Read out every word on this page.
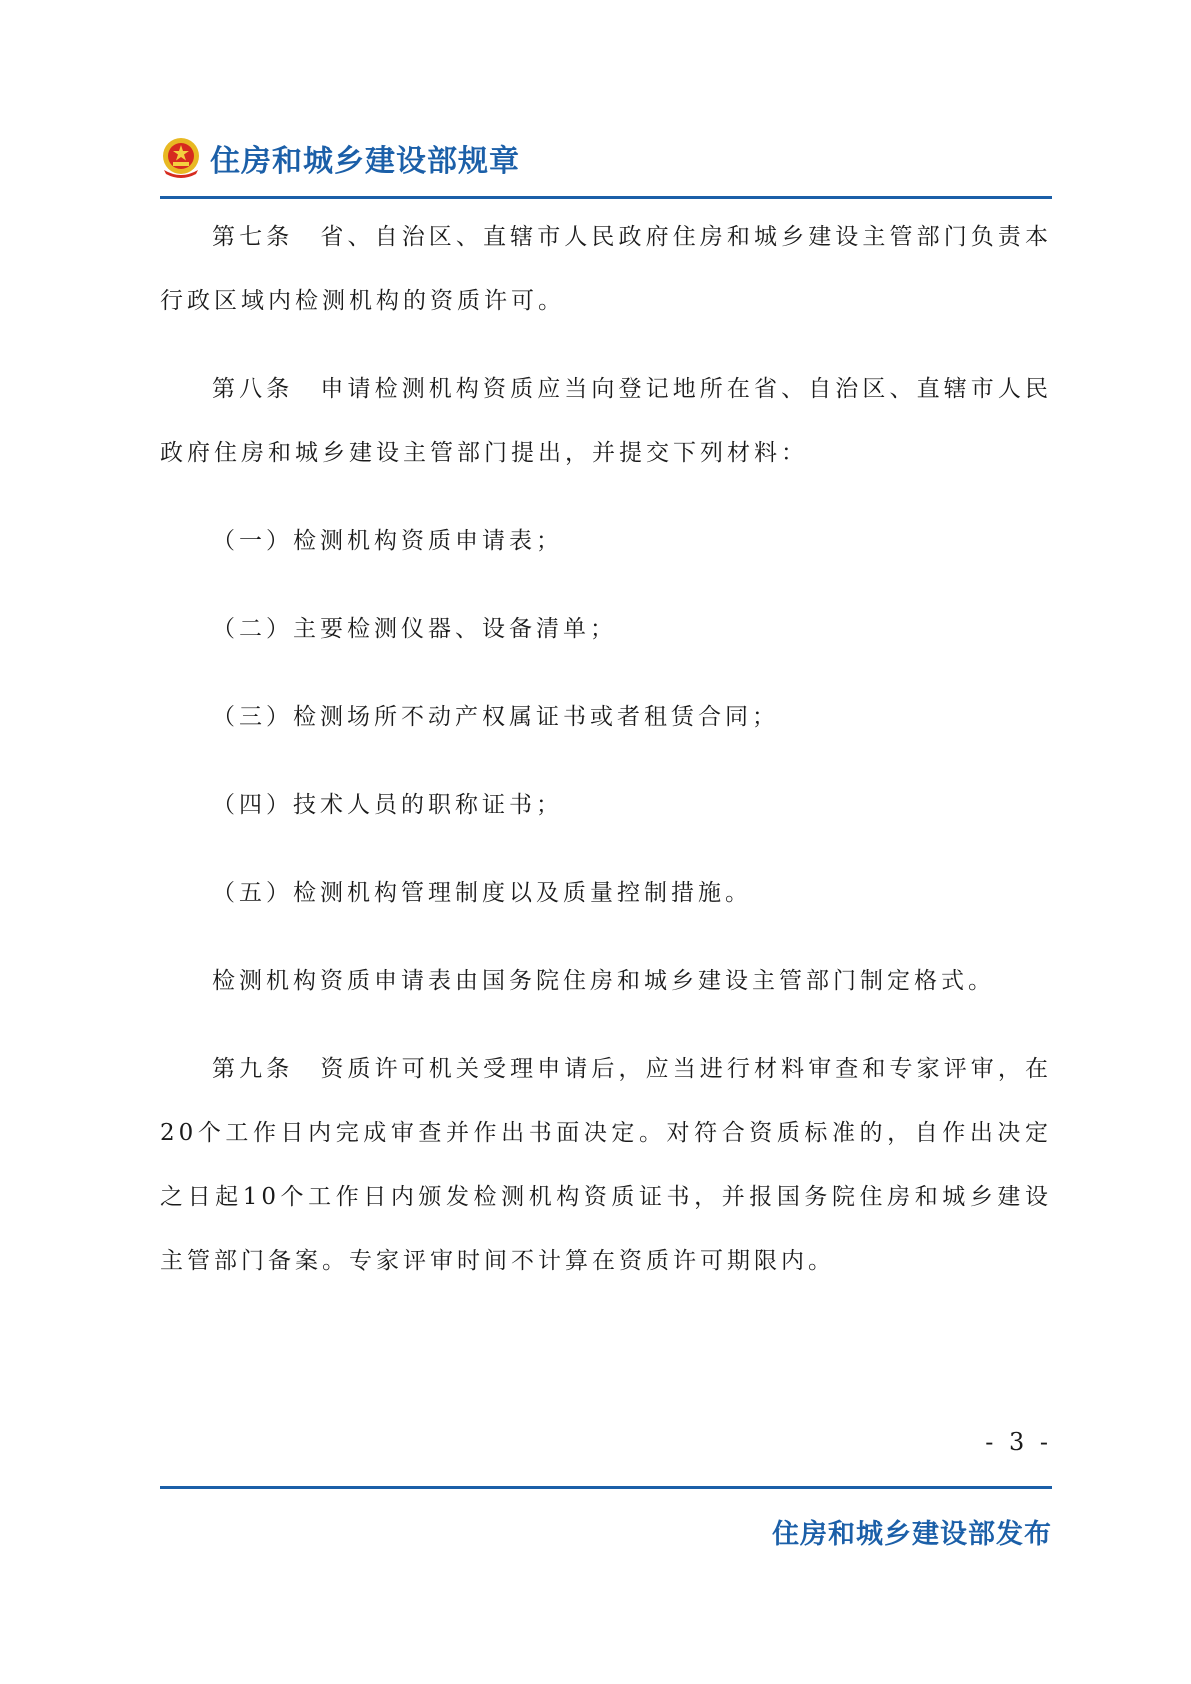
住房和城乡建设部规章

第七条　省、自治区、直辖市人民政府住房和城乡建设主管部门负责本行政区域内检测机构的资质许可。

第八条　申请检测机构资质应当向登记地所在省、自治区、直辖市人民政府住房和城乡建设主管部门提出，并提交下列材料：

（一）检测机构资质申请表；

（二）主要检测仪器、设备清单；

（三）检测场所不动产权属证书或者租赁合同；

（四）技术人员的职称证书；

（五）检测机构管理制度以及质量控制措施。

检测机构资质申请表由国务院住房和城乡建设主管部门制定格式。

第九条　资质许可机关受理申请后，应当进行材料审查和专家评审，在20个工作日内完成审查并作出书面决定。对符合资质标准的，自作出决定之日起10个工作日内颁发检测机构资质证书，并报国务院住房和城乡建设主管部门备案。专家评审时间不计算在资质许可期限内。

- 3 -
住房和城乡建设部发布
